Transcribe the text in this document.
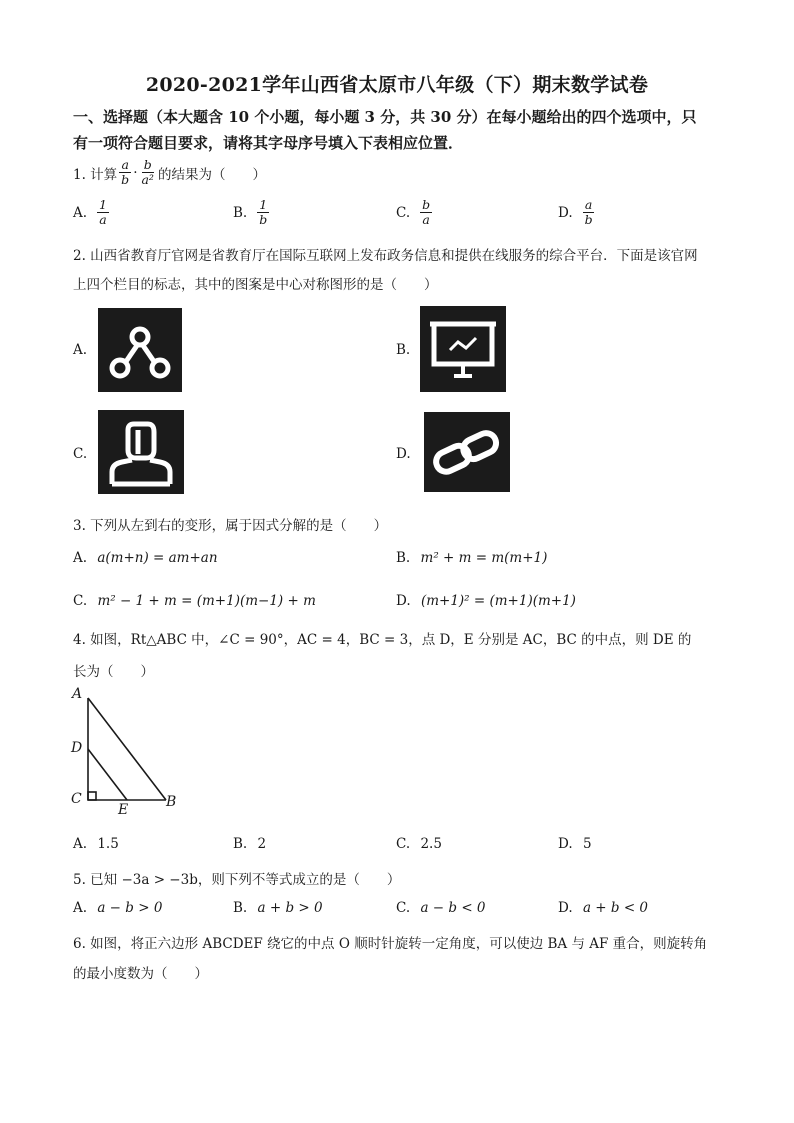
2020-2021学年山西省太原市八年级（下）期末数学试卷
一、选择题（本大题含 10 个小题，每小题 3 分，共 30 分）在每小题给出的四个选项中，只
有一项符合题目要求，请将其字母序号填入下表相应位置．
1. 计算 $\frac{a}{b} \cdot \frac{b}{\text{a²}}$ 的结果为（　　）
A. $\frac{1}{a}$	B. $\frac{1}{b}$	C. $\frac{b}{a}$	D. $\frac{a}{b}$
2. 山西省教育厅官网是省教育厅在国际互联网上发布政务信息和提供在线服务的综合平台．下面是该官网
上四个栏目的标志，其中的图案是中心对称图形的是（　　）
A.	B.
C.	D.
3. 下列从左到右的变形，属于因式分解的是（　　）
A. a(m+n) = am+an	B. m² + m = m(m+1)
C. m² − 1 + m = (m+1)(m−1) + m	D. (m+1)² = (m+1)(m+1)
4. 如图，Rt△ABC 中，∠C = 90°，AC = 4，BC = 3，点 D，E 分别是 AC，BC 的中点，则 DE 的
长为（　　）
A
D
C
E	B
A. 1.5	B. 2	C. 2.5	D. 5
5. 已知 −3a > −3b，则下列不等式成立的是（　　）
A. a − b > 0	B. a + b > 0	C. a − b < 0	D. a + b < 0
6. 如图，将正六边形 ABCDEF 绕它的中点 O 顺时针旋转一定角度，可以使边 BA 与 AF 重合，则旋转角
的最小度数为（　　）
